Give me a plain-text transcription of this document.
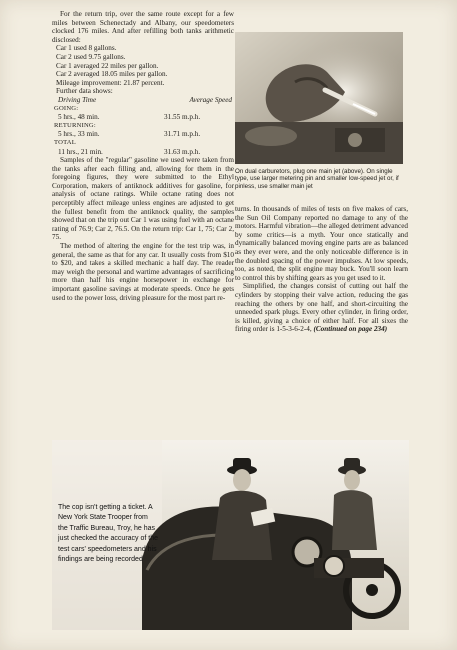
For the return trip, over the same route except for a few miles between Schenectady and Albany, our speedometers clocked 176 miles. And after refilling both tanks arithmetic disclosed:

Car 1 used 8 gallons.

Car 2 used 9.75 gallons.

Car 1 averaged 22 miles per gallon.

Car 2 averaged 18.05 miles per gallon.

Mileage improvement: 21.87 percent.

Further data shows:

Driving Time	Average Speed
GOING:
5 hrs., 48 min.	31.55 m.p.h.
RETURNING:
5 hrs., 33 min.	31.71 m.p.h.
TOTAL
11 hrs., 21 min.	31.63 m.p.h.

Samples of the "regular" gasoline we used were taken from the tanks after each filling and, allowing for them in the foregoing figures, they were submitted to the Ethyl Corporation, makers of antiknock additives for gasoline, for analysis of octane ratings. While octane rating does not perceptibly affect mileage unless engines are adjusted to get the fullest benefit from the antiknock quality, the samples showed that on the trip out Car 1 was using fuel with an octane rating of 76.9; Car 2, 76.5. On the return trip: Car 1, 75; Car 2, 75.

The method of altering the engine for the test trip was, in general, the same as that for any car. It usually costs from $10 to $20, and takes a skilled mechanic a half day. The reader may weigh the personal and wartime advantages of sacrificing more than half his engine horsepower in exchange for important gasoline savings at moderate speeds. Once he gets used to the power loss, driving pleasure for the most part re-

On dual carburetors, plug one main jet (above). On single type, use larger metering pin and smaller low-speed jet or, if pinless, use smaller main jet

turns. In thousands of miles of tests on five makes of cars, the Sun Oil Company reported no damage to any of the motors. Harmful vibration—the alleged detriment advanced by some critics—is a myth. Your once statically and dynamically balanced moving engine parts are as balanced as they ever were, and the only noticeable difference is in the doubled spacing of the power impulses. At low speeds, too, as noted, the split engine may buck. You'll soon learn to control this by shifting gears as you get used to it.

Simplified, the changes consist of cutting out half the cylinders by stopping their valve action, reducing the gas reaching the others by one half, and short-circuiting the unneeded spark plugs. Every other cylinder, in firing order, is killed, giving a choice of either half. For all sixes the firing order is 1-5-3-6-2-4, (Continued on page 234)

The cop isn't getting a ticket. A New York State Trooper from the Traffic Bureau, Troy, he has just checked the accuracy of the test cars' speedometers and his findings are being recorded
